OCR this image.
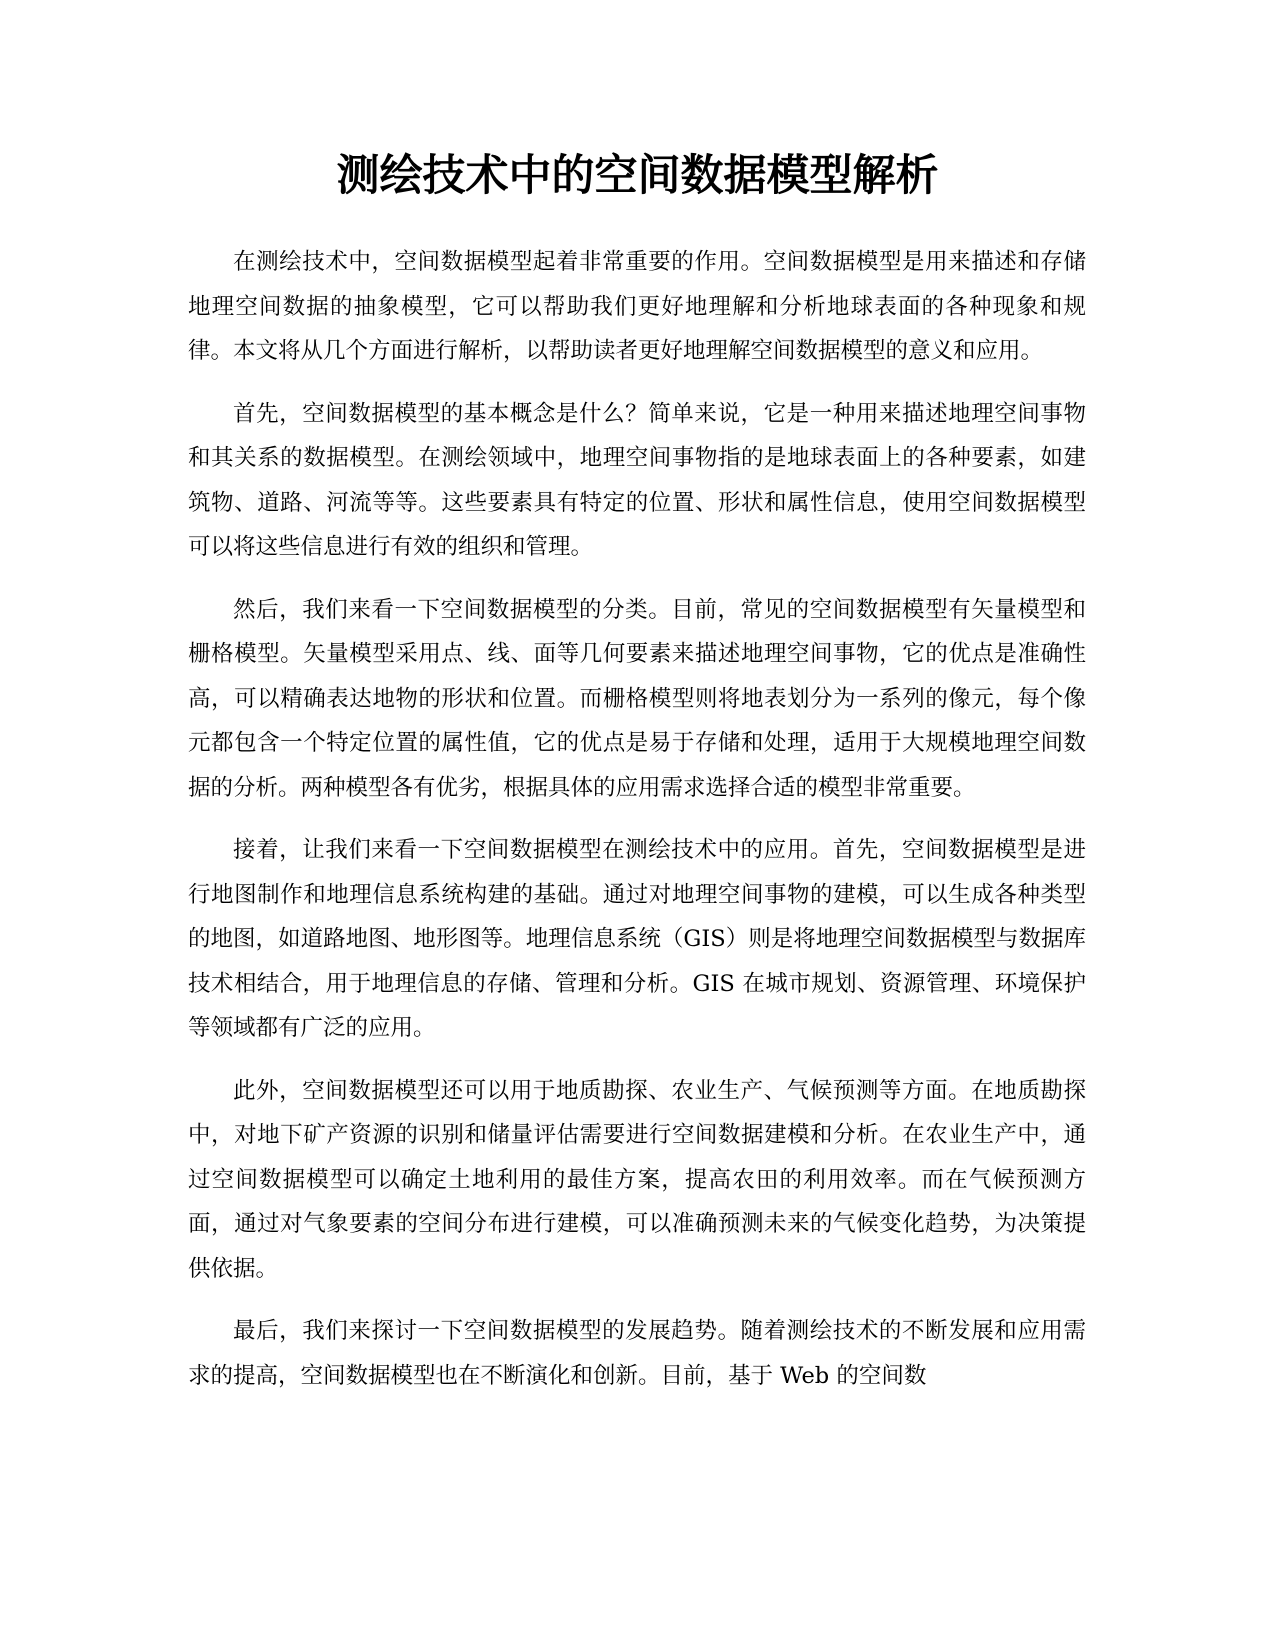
测绘技术中的空间数据模型解析

在测绘技术中，空间数据模型起着非常重要的作用。空间数据模型是用来描述和存储地理空间数据的抽象模型，它可以帮助我们更好地理解和分析地球表面的各种现象和规律。本文将从几个方面进行解析，以帮助读者更好地理解空间数据模型的意义和应用。

首先，空间数据模型的基本概念是什么？简单来说，它是一种用来描述地理空间事物和其关系的数据模型。在测绘领域中，地理空间事物指的是地球表面上的各种要素，如建筑物、道路、河流等等。这些要素具有特定的位置、形状和属性信息，使用空间数据模型可以将这些信息进行有效的组织和管理。

然后，我们来看一下空间数据模型的分类。目前，常见的空间数据模型有矢量模型和栅格模型。矢量模型采用点、线、面等几何要素来描述地理空间事物，它的优点是准确性高，可以精确表达地物的形状和位置。而栅格模型则将地表划分为一系列的像元，每个像元都包含一个特定位置的属性值，它的优点是易于存储和处理，适用于大规模地理空间数据的分析。两种模型各有优劣，根据具体的应用需求选择合适的模型非常重要。

接着，让我们来看一下空间数据模型在测绘技术中的应用。首先，空间数据模型是进行地图制作和地理信息系统构建的基础。通过对地理空间事物的建模，可以生成各种类型的地图，如道路地图、地形图等。地理信息系统（GIS）则是将地理空间数据模型与数据库技术相结合，用于地理信息的存储、管理和分析。GIS 在城市规划、资源管理、环境保护等领域都有广泛的应用。

此外，空间数据模型还可以用于地质勘探、农业生产、气候预测等方面。在地质勘探中，对地下矿产资源的识别和储量评估需要进行空间数据建模和分析。在农业生产中，通过空间数据模型可以确定土地利用的最佳方案，提高农田的利用效率。而在气候预测方面，通过对气象要素的空间分布进行建模，可以准确预测未来的气候变化趋势，为决策提供依据。

最后，我们来探讨一下空间数据模型的发展趋势。随着测绘技术的不断发展和应用需求的提高，空间数据模型也在不断演化和创新。目前，基于 Web 的空间数
